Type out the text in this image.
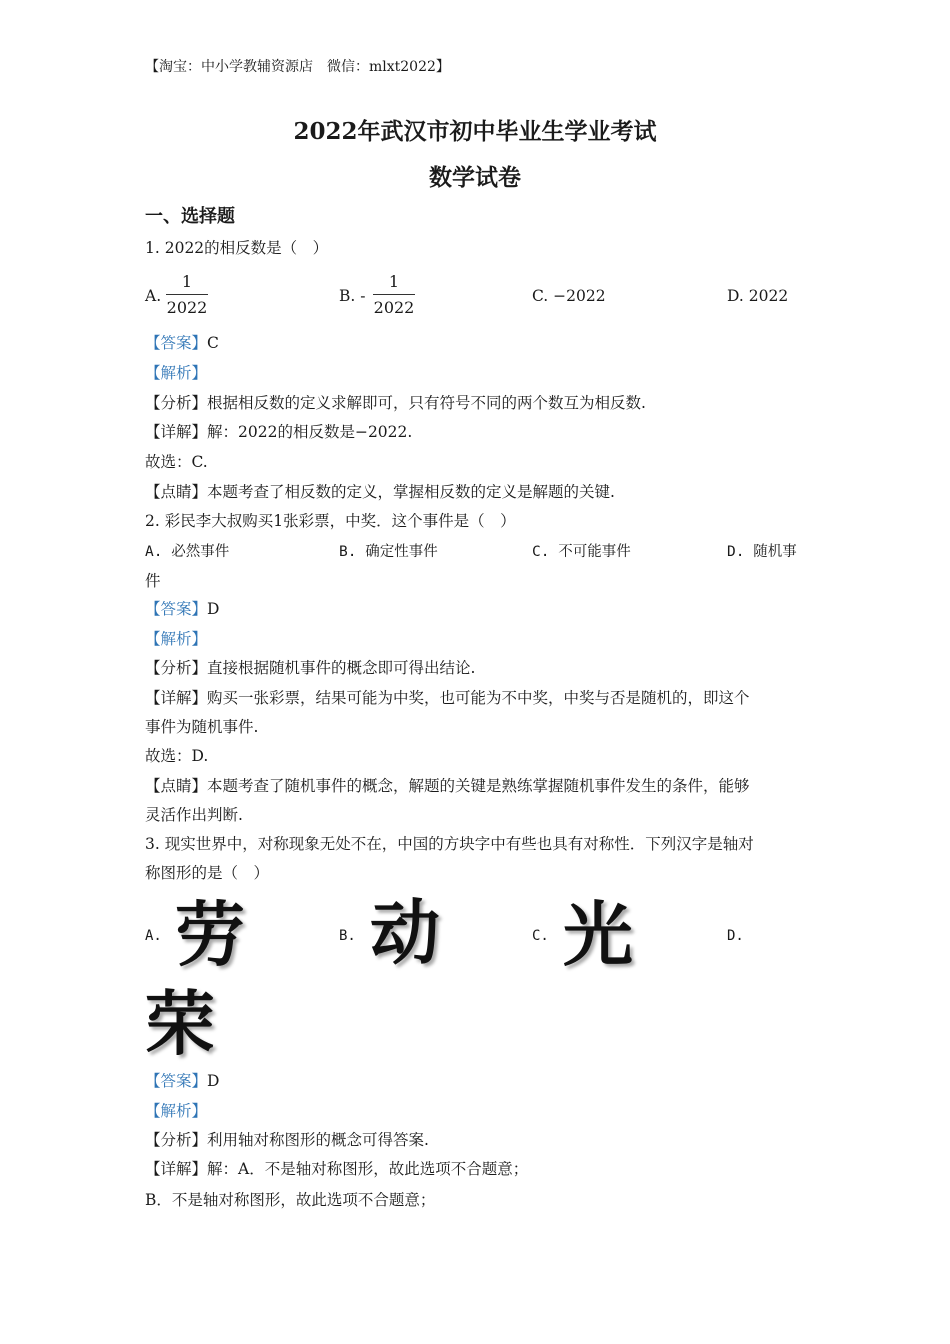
【淘宝：中小学教辅资源店　微信：mlxt2022】
2022年武汉市初中毕业生学业考试
数学试卷
一、选择题
1. 2022的相反数是（　）
A.
1
2022
B. -
1
2022
C. −2022	D. 2022
【答案】C
【解析】
【分析】根据相反数的定义求解即可，只有符号不同的两个数互为相反数.
【详解】解：2022的相反数是−2022.
故选：C.
【点睛】本题考查了相反数的定义，掌握相反数的定义是解题的关键.
2. 彩民李大叔购买1张彩票，中奖．这个事件是（　）
A. 必然事件	B. 确定性事件	C. 不可能事件	D. 随机事
件
【答案】D
【解析】
【分析】直接根据随机事件的概念即可得出结论.
【详解】购买一张彩票，结果可能为中奖，也可能为不中奖，中奖与否是随机的，即这个
事件为随机事件.
故选：D.
【点睛】本题考查了随机事件的概念，解题的关键是熟练掌握随机事件发生的条件，能够
灵活作出判断.
3. 现实世界中，对称现象无处不在，中国的方块字中有些也具有对称性．下列汉字是轴对
称图形的是（　）
A. 劳	B. 动	C. 光	D.
荣
【答案】D
【解析】
【分析】利用轴对称图形的概念可得答案.
【详解】解：A．不是轴对称图形，故此选项不合题意；
B．不是轴对称图形，故此选项不合题意；
